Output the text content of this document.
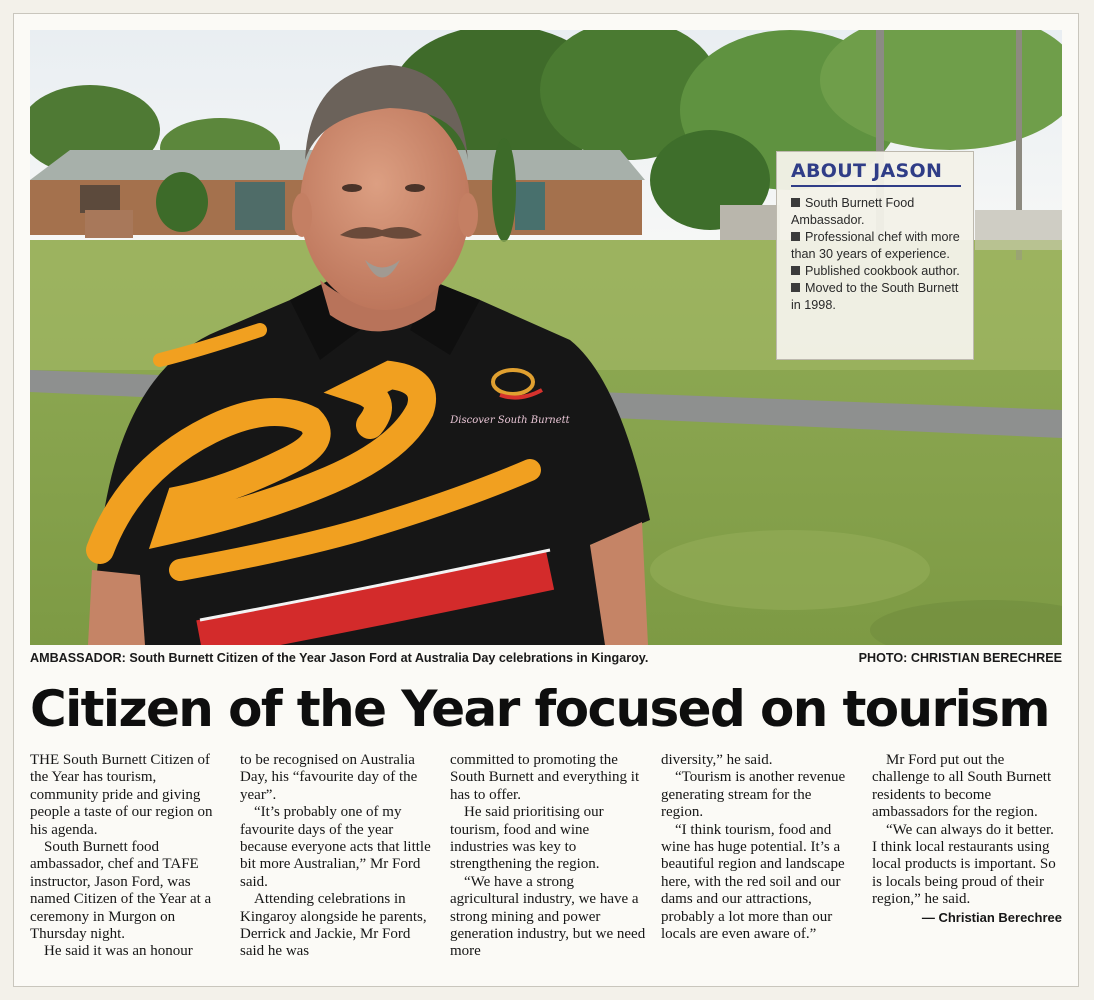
Discover South Burnett
ABOUT JASON
South Burnett Food Ambassador.
Professional chef with more than 30 years of experience.
Published cookbook author.
Moved to the South Burnett in 1998.
AMBASSADOR: South Burnett Citizen of the Year Jason Ford at Australia Day celebrations in Kingaroy.	PHOTO: CHRISTIAN BERECHREE
Citizen of the Year focused on tourism

THE South Burnett Citizen of the Year has tourism, community pride and giving people a taste of our region on his agenda.

South Burnett food ambassador, chef and TAFE instructor, Jason Ford, was named Citizen of the Year at a ceremony in Murgon on Thursday night.

He said it was an honour

to be recognised on Australia Day, his “favourite day of the year”.

“It’s probably one of my favourite days of the year because everyone acts that little bit more Australian,” Mr Ford said.

Attending celebrations in Kingaroy alongside he parents, Derrick and Jackie, Mr Ford said he was

committed to promoting the South Burnett and everything it has to offer.

He said prioritising our tourism, food and wine industries was key to strengthening the region.

“We have a strong agricultural industry, we have a strong mining and power generation industry, but we need more

diversity,” he said.

“Tourism is another revenue generating stream for the region.

“I think tourism, food and wine has huge potential. It’s a beautiful region and landscape here, with the red soil and our dams and our attractions, probably a lot more than our locals are even aware of.”

Mr Ford put out the challenge to all South Burnett residents to become ambassadors for the region.

“We can always do it better. I think local restaurants using local products is important. So is locals being proud of their region,” he said.

— Christian Berechree
